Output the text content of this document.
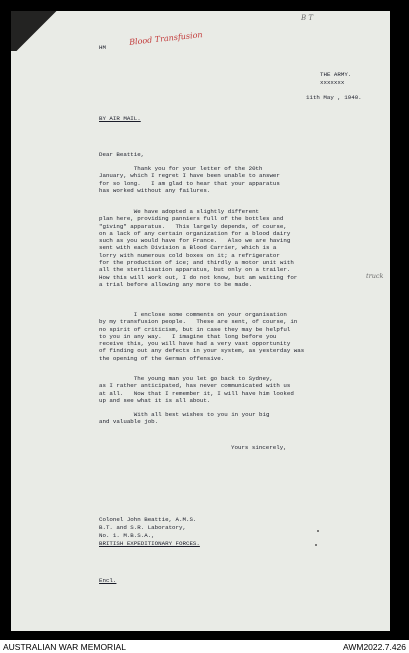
HM
Blood Transfusion
B T
THE ARMY.
xxxxxxx
11th May , 1940.
BY AIR MAIL.
Dear Beattie,
Thank you for your letter of the 20th
January, which I regret I have been unable to answer
for so long.   I am glad to hear that your apparatus
has worked without any failures.
We have adopted a slightly different
plan here, providing panniers full of the bottles and
"giving" apparatus.   This largely depends, of course,
on a lack of any certain organization for a blood dairy
such as you would have for France.   Also we are having
sent with each Division a Blood Carrier, which is a
lorry with numerous cold boxes on it; a refrigerator
for the production of ice; and thirdly a motor unit with
all the sterilisation apparatus, but only on a trailer.
How this will work out, I do not know, but am waiting for
a trial before allowing any more to be made.
truck
I enclose some comments on your organisation
by my transfusion people.   These are sent, of course, in
no spirit of criticism, but in case they may be helpful
to you in any way.   I imagine that long before you
receive this, you will have had a very vast opportunity
of finding out any defects in your system, as yesterday was
the opening of the German offensive.
The young man you let go back to Sydney,
as I rather anticipated, has never communicated with us
at all.   Now that I remember it, I will have him looked
up and see what it is all about.
With all best wishes to you in your big
and valuable job.
Yours sincerely,
Colonel John Beattie, A.M.S.
B.T. and S.R. Laboratory,
No. 1. M.B.S.A.,
BRITISH EXPEDITIONARY FORCES.
Encl.
AUSTRALIAN WAR MEMORIAL	AWM2022.7.426
